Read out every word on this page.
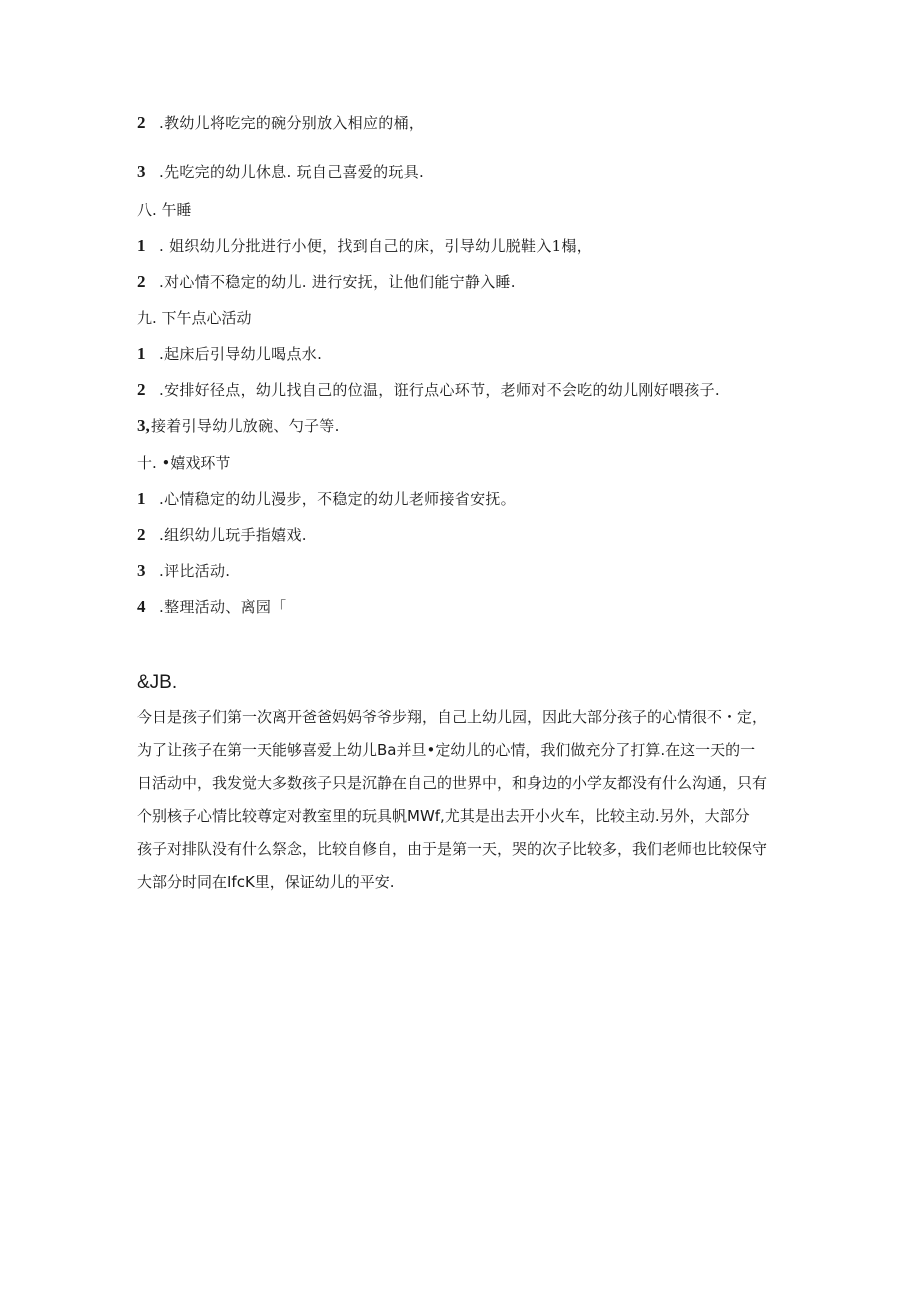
2 .教幼儿将吃完的碗分别放入相应的桶，
3 .先吃完的幼儿休息. 玩自己喜爱的玩具.
八. 午睡
1 . 姐织幼儿分批进行小便，找到自己的床，引导幼儿脱鞋入1榻，
2 .对心情不稳定的幼儿. 进行安抚，让他们能宁静入睡.
九. 下午点心活动
1 .起床后引导幼儿喝点水.
2 .安排好径点，幼儿找自己的位温，诳行点心环节，老师对不会吃的幼儿刚好喂孩子.
3,接着引导幼儿放碗、勺子等.
十. •嬉戏环节
1 .心情稳定的幼儿漫步，不稳定的幼儿老师接省安抚。
2 .组织幼儿玩手指嬉戏.
3 .评比活动.
4 .整理活动、离园「
&JB.
今日是孩子们第一次离开爸爸妈妈爷爷步翔，自己上幼儿园，因此大部分孩子的心情很不・定，
为了让孩子在第一天能够喜爱上幼儿Ba并旦•定幼儿的心情，我们做充分了打算.在这一天的一
日活动中，我发觉大多数孩子只是沉静在自己的世界中，和身边的小学友都没有什么沟通，只有
个别核子心情比较尊定对教室里的玩具帆MWf,尤其是出去开小火车，比较主动.另外，大部分
孩子对排队没有什么祭念，比较自修自，由于是第一天，哭的次子比较多，我们老师也比较保守
大部分时同在IfcK里，保证幼儿的平安.
